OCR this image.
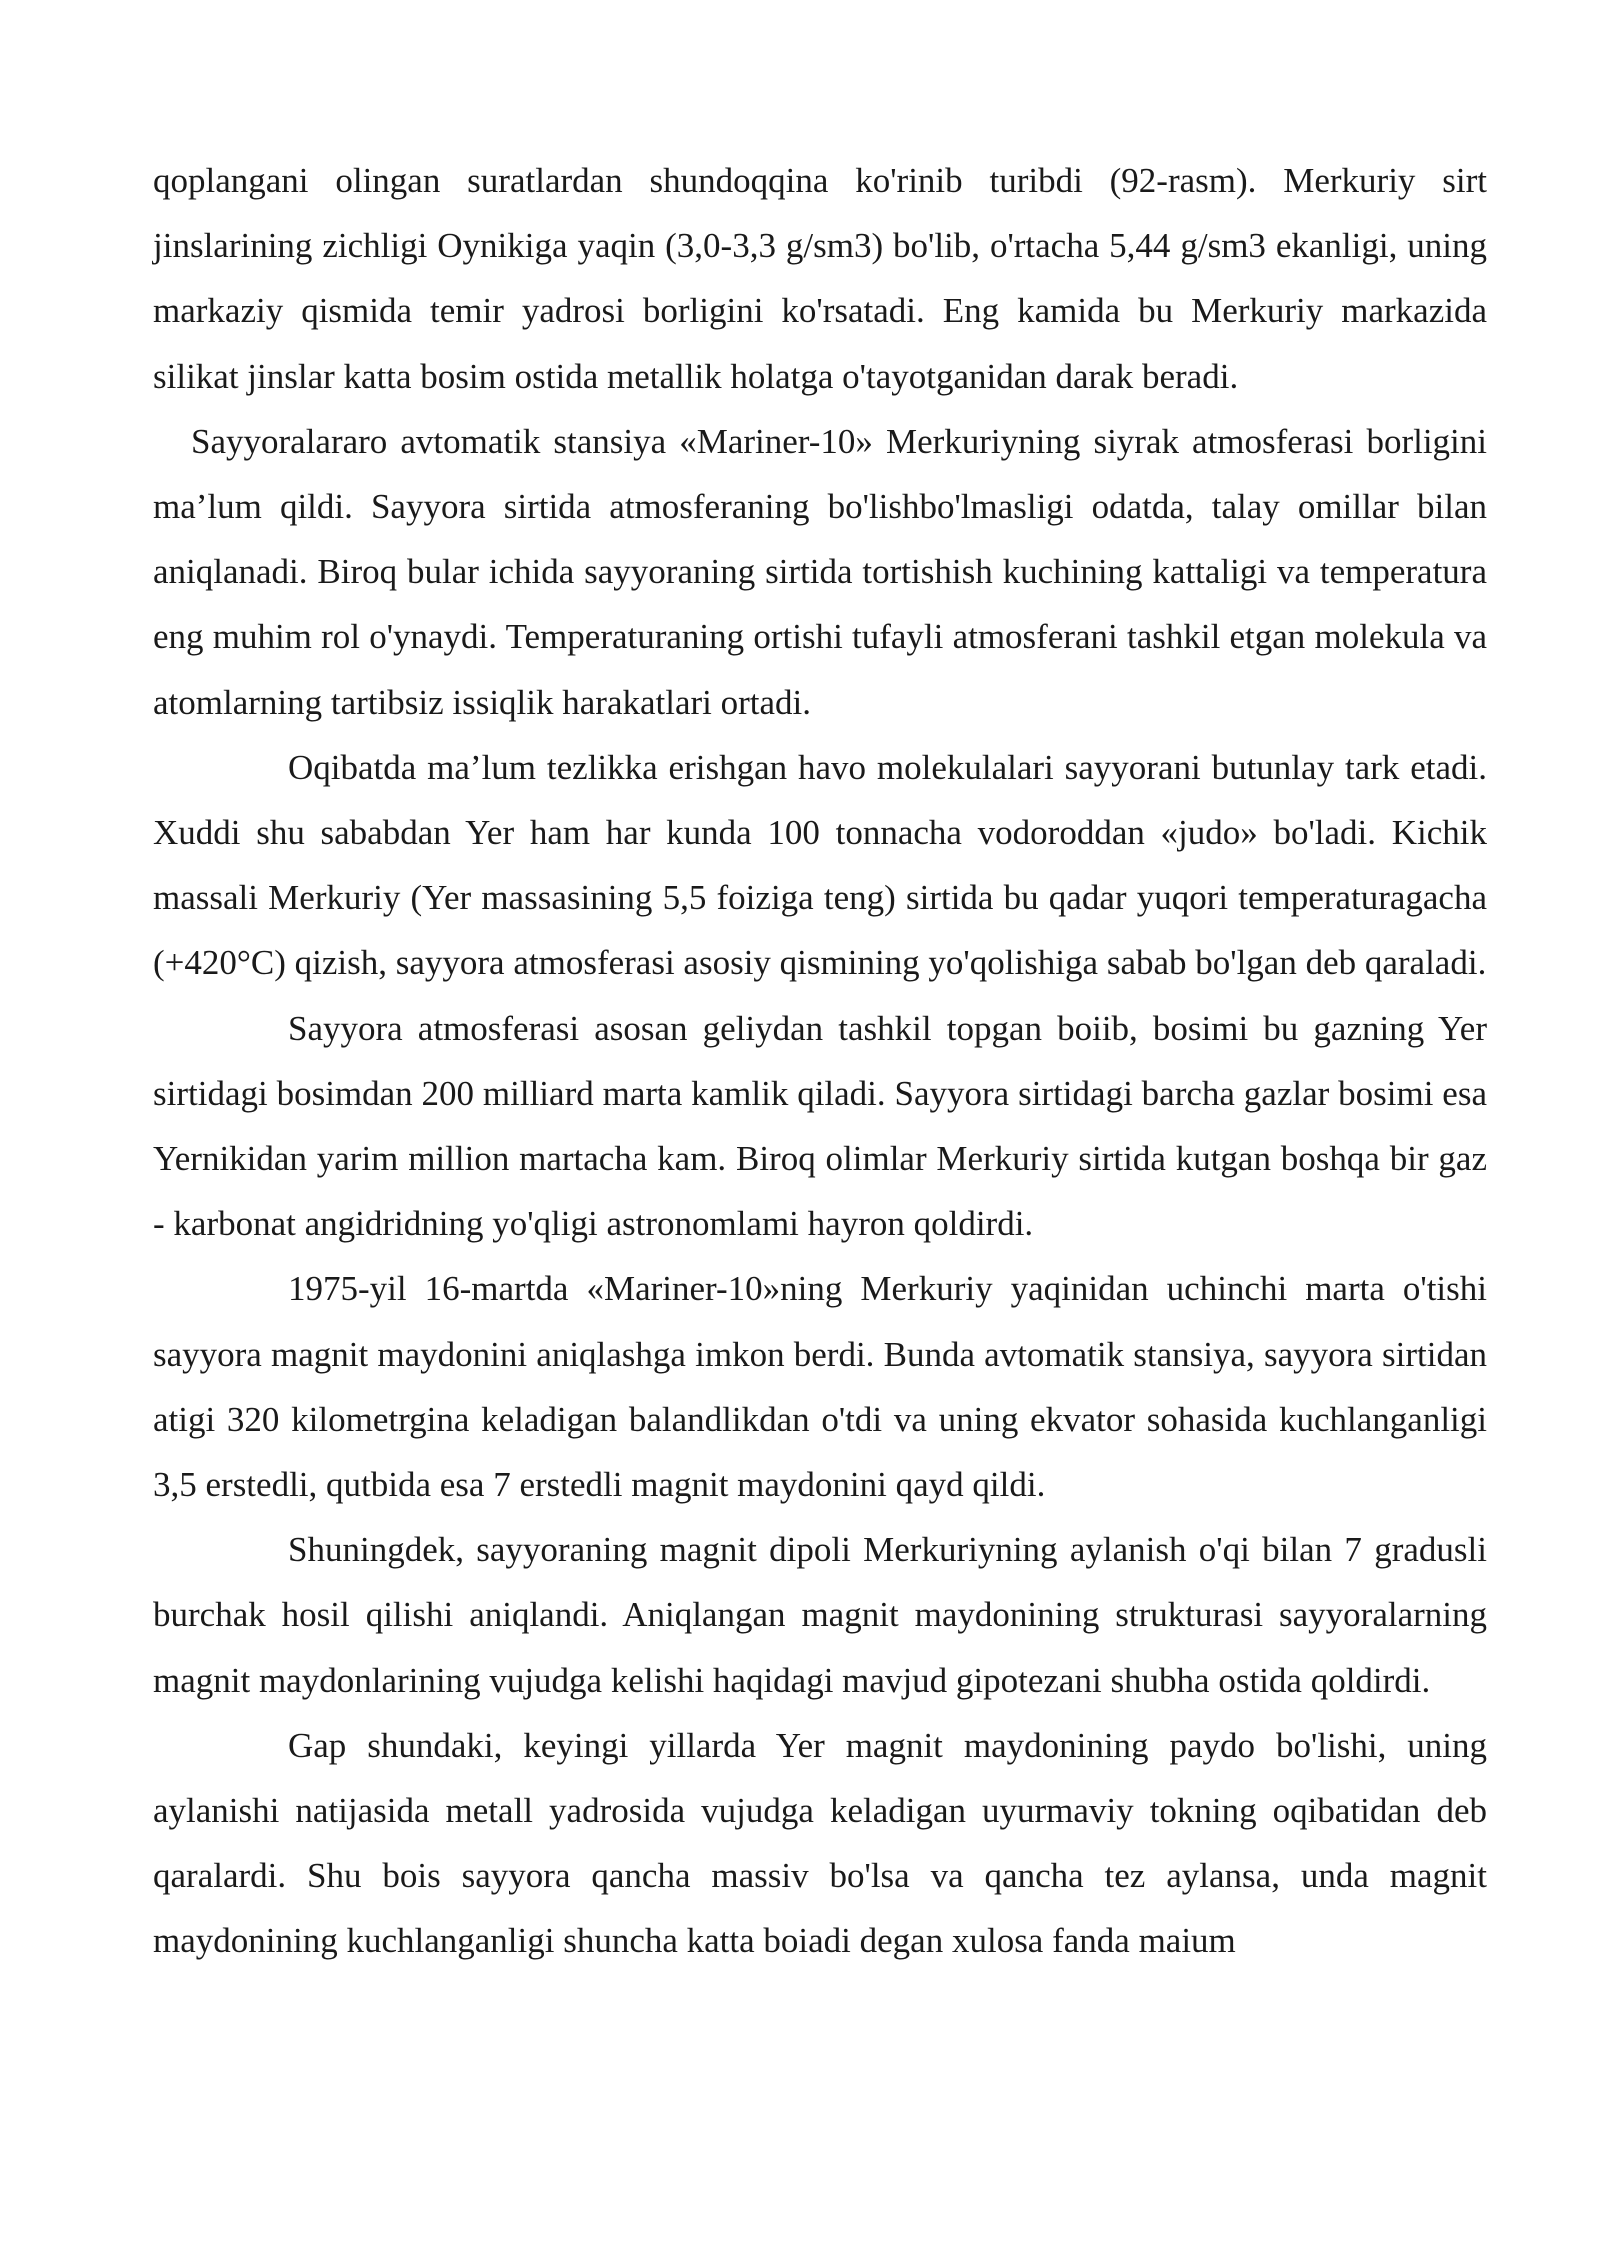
qoplangani olingan suratlardan shundoqqina ko'rinib turibdi (92-rasm). Merkuriy sirt jinslarining zichligi Oynikiga yaqin (3,0-3,3 g/sm3) bo'lib, o'rtacha 5,44 g/sm3 ekanligi, uning markaziy qismida temir yadrosi borligini ko'rsatadi. Eng kamida bu Merkuriy markazida silikat jinslar katta bosim ostida metallik holatga o'tayotganidan darak beradi.

Sayyoralararo avtomatik stansiya «Mariner-10» Merkuriyning siyrak atmosferasi borligini ma’lum qildi. Sayyora sirtida atmosferaning bo'lishbo'lmasligi odatda, talay omillar bilan aniqlanadi. Biroq bular ichida sayyoraning sirtida tortishish kuchining kattaligi va temperatura eng muhim rol o'ynaydi. Temperaturaning ortishi tufayli atmosferani tashkil etgan molekula va atomlarning tartibsiz issiqlik harakatlari ortadi.

Oqibatda ma’lum tezlikka erishgan havo molekulalari sayyorani butunlay tark etadi. Xuddi shu sababdan Yer ham har kunda 100 tonnacha vodoroddan «judo» bo'ladi. Kichik massali Merkuriy (Yer massasining 5,5 foiziga teng) sirtida bu qadar yuqori temperaturagacha (+420°C) qizish, sayyora atmosferasi asosiy qismining yo'qolishiga sabab bo'lgan deb qaraladi.

Sayyora atmosferasi asosan geliydan tashkil topgan boiib, bosimi bu gazning Yer sirtidagi bosimdan 200 milliard marta kamlik qiladi. Sayyora sirtidagi barcha gazlar bosimi esa Yernikidan yarim million martacha kam. Biroq olimlar Merkuriy sirtida kutgan boshqa bir gaz - karbonat angidridning yo'qligi astronomlami hayron qoldirdi.

1975-yil 16-martda «Mariner-10»ning Merkuriy yaqinidan uchinchi marta o'tishi sayyora magnit maydonini aniqlashga imkon berdi. Bunda avtomatik stansiya, sayyora sirtidan atigi 320 kilometrgina keladigan balandlikdan o'tdi va uning ekvator sohasida kuchlanganligi 3,5 erstedli, qutbida esa 7 erstedli magnit maydonini qayd qildi.

Shuningdek, sayyoraning magnit dipoli Merkuriyning aylanish o'qi bilan 7 gradusli burchak hosil qilishi aniqlandi. Aniqlangan magnit maydonining strukturasi sayyoralarning magnit maydonlarining vujudga kelishi haqidagi mavjud gipotezani shubha ostida qoldirdi.

Gap shundaki, keyingi yillarda Yer magnit maydonining paydo bo'lishi, uning aylanishi natijasida metall yadrosida vujudga keladigan uyurmaviy tokning oqibatidan deb qaralardi. Shu bois sayyora qancha massiv bo'lsa va qancha tez aylansa, unda magnit maydonining kuchlanganligi shuncha katta boiadi degan xulosa fanda maium
